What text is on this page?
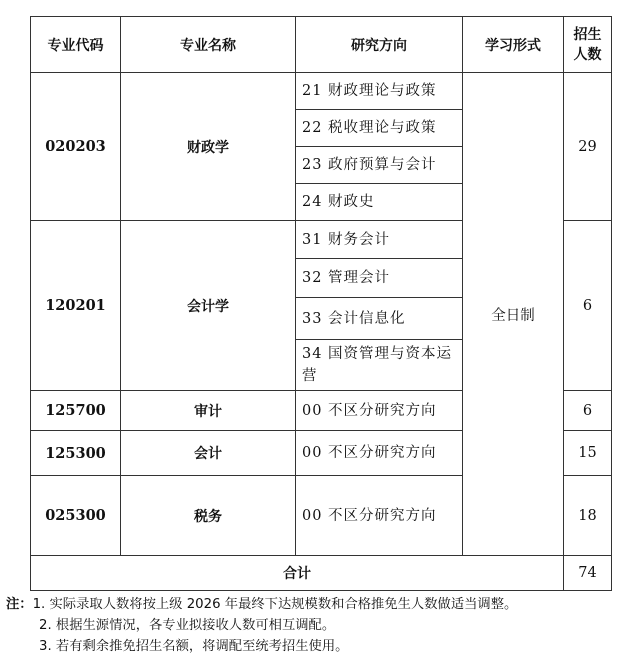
专业代码	专业名称	研究方向	学习形式	招生人数
020203	财政学	21 财政理论与政策	全日制	29
		22 税收理论与政策		
		23 政府预算与会计		
		24 财政史		
120201	会计学	31 财务会计		6
		32 管理会计		
		33 会计信息化		
		34 国资管理与资本运营		
125700	审计	00 不区分研究方向		6
125300	会计	00 不区分研究方向		15
025300	税务	00 不区分研究方向		18
合计				74
注：1. 实际录取人数将按上级 2026 年最终下达规模数和合格推免生人数做适当调整。
2. 根据生源情况，各专业拟接收人数可相互调配。
3. 若有剩余推免招生名额，将调配至统考招生使用。
